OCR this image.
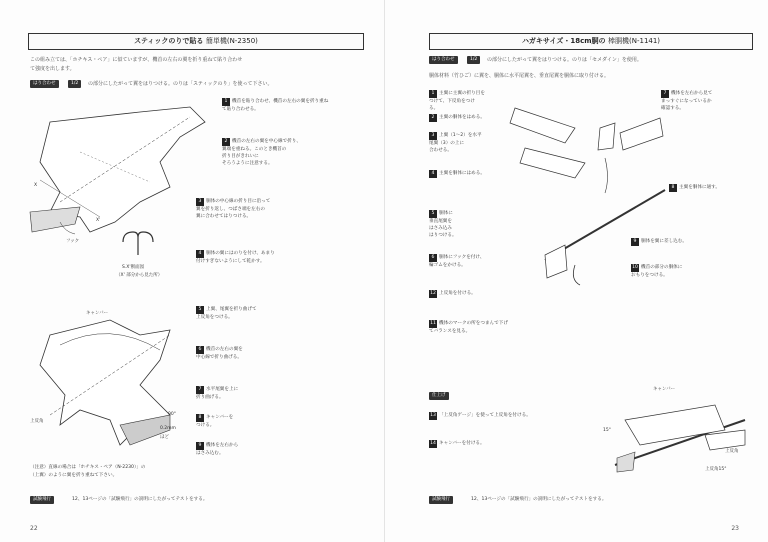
スティックのりで貼る 簡単機(N-2350)
この組み立ては、「ホチキス・ペア」に似ていますが、機首の左右の翼を折り重ねて貼り合わせ
て強度を出します。
はり合わせ	1/2	の部分にしたがって翼をはりつける。のりは「スティックのり」を使って下さい。
X
X'
フック
S.X'断面図
（X' 部分から見た所）
1 機首を貼り合わせ、機首の左右の翼を折り重ね
て貼り合わせる。
2 機首の左右の翼を中心線で折り、
翼端を重ねる。このとき機首の
折り目がきれいに
そろうように注意する。
3 胴体の中心線の折り目に沿って
翼を折り返し、つばさ端を左右の
翼に合わせてはりつける。
4 胴体の翼にはのりを付け、あまり
付けすぎないようにして乾かす。
キャンバー
上反角
0.2mm
ほど
90°
5 上翼、尾翼を折り曲げて
上反角をつける。
6 機首の左右の翼を
中心線で折り曲げる。
7 水平尾翼を上に
折り曲げる。
8 キャンバーを
つける。
9 機体を左右から
はさみ込む。
（注意）直線の場合は「ホチキス・ペア（N-2230）」の
（上翼）のように翼を折り重ねて下さい。
試験飛行	12、13ページの「試験飛行」の説明にしたがってテストをする。
22
ハガキサイズ・18cm胴の 棒胴機(N-1141)
はり合わせ	1/2	の部分にしたがって翼をはりつける。のりは「セメダイン」を使用。
胴体材料（竹ひご）に翼を、胴体に水平尾翼を、垂直尾翼を胴体に取り付ける。
1 主翼に主翼の折り目を
つけて、下反角をつけ
る。
2 主翼の胴体をはめる。
3 上翼（1～2）を水平
尾翼（3）の上に
合わせる。
4 主翼を胴体にはめる。
5 胴体に
垂直尾翼を
はさみ込み
はりつける。
6 胴体にフックを付け、
輪ゴムをかける。
11 機体のマークの所をつまんで下げ
てバランスを見る。
7 機体を左右から見て
まっすぐになっているか
確認する。
8 主翼を胴体に通す。
9 胴体を翼に差し込む。
10 機首の部分の胴体に
おもりをつける。
12 上反角を付ける。
仕上げ
13 「上反角ゲージ」を使って上反角を付ける。
14 キャンバーを付ける。
キャンバー
15°
上反角15°
上反角
試験飛行	12、13ページの「試験飛行」の説明にしたがってテストをする。
23
